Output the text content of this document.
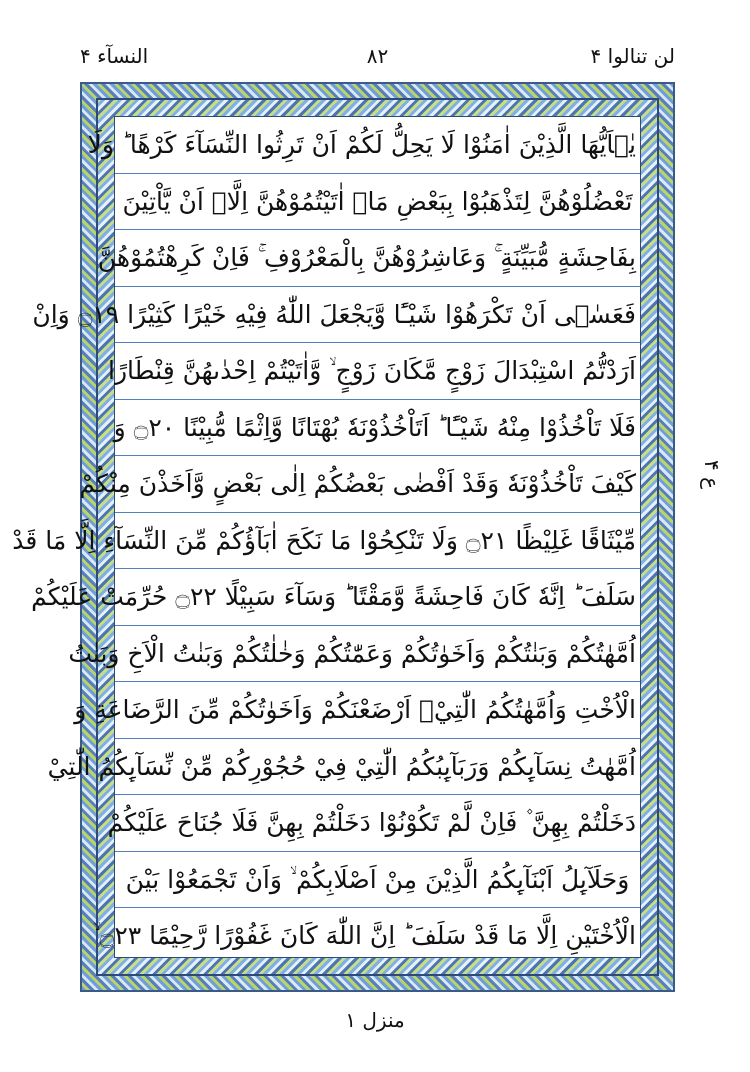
النسآء ۴	٨٢	لن تنالوا ۴
يٰۤاَيُّهَا الَّذِيْنَ اٰمَنُوْا لَا يَحِلُّ لَكُمْ اَنْ تَرِثُوا النِّسَآءَ كَرْهًا ؕ وَلَا
تَعْضُلُوْهُنَّ لِتَذْهَبُوْا بِبَعْضِ مَاۤ اٰتَيْتُمُوْهُنَّ اِلَّاۤ اَنْ يَّاْتِيْنَ
بِفَاحِشَةٍ مُّبَيِّنَةٍ ۚ وَعَاشِرُوْهُنَّ بِالْمَعْرُوْفِ ۚ فَاِنْ كَرِهْتُمُوْهُنَّ
فَعَسٰۤى اَنْ تَكْرَهُوْا شَيْـًٔا وَّيَجْعَلَ اللّٰهُ فِيْهِ خَيْرًا كَثِيْرًا ۝١٩ وَاِنْ
اَرَدْتُّمُ اسْتِبْدَالَ زَوْجٍ مَّكَانَ زَوْجٍ ۙ وَّاٰتَيْتُمْ اِحْدٰىهُنَّ قِنْطَارًا
فَلَا تَاْخُذُوْا مِنْهُ شَيْـًٔا ؕ اَتَاْخُذُوْنَهٗ بُهْتَانًا وَّاِثْمًا مُّبِيْنًا ۝٢٠ وَ
كَيْفَ تَاْخُذُوْنَهٗ وَقَدْ اَفْضٰى بَعْضُكُمْ اِلٰى بَعْضٍ وَّاَخَذْنَ مِنْكُمْ
مِّيْثَاقًا غَلِيْظًا ۝٢١ وَلَا تَنْكِحُوْا مَا نَكَحَ اٰبَآؤُكُمْ مِّنَ النِّسَآءِ اِلَّا مَا قَدْ
سَلَفَ ؕ اِنَّهٗ كَانَ فَاحِشَةً وَّمَقْتًا ؕ وَسَآءَ سَبِيْلًا ۝٢٢ حُرِّمَتْ عَلَيْكُمْ
اُمَّهٰتُكُمْ وَبَنٰتُكُمْ وَاَخَوٰتُكُمْ وَعَمّٰتُكُمْ وَخٰلٰتُكُمْ وَبَنٰتُ الْاَخِ وَبَنٰتُ
الْاُخْتِ وَاُمَّهٰتُكُمُ الّٰتِيْۤ اَرْضَعْنَكُمْ وَاَخَوٰتُكُمْ مِّنَ الرَّضَاعَةِ وَ
اُمَّهٰتُ نِسَآىِٕكُمْ وَرَبَآىِٕبُكُمُ الّٰتِيْ فِيْ حُجُوْرِكُمْ مِّنْ نِّسَآىِٕكُمُ الّٰتِيْ
دَخَلْتُمْ بِهِنَّ ۫ فَاِنْ لَّمْ تَكُوْنُوْا دَخَلْتُمْ بِهِنَّ فَلَا جُنَاحَ عَلَيْكُمْ
وَحَلَآىِٕلُ اَبْنَآىِٕكُمُ الَّذِيْنَ مِنْ اَصْلَابِكُمْ ۙ وَاَنْ تَجْمَعُوْا بَيْنَ
الْاُخْتَيْنِ اِلَّا مَا قَدْ سَلَفَ ؕ اِنَّ اللّٰهَ كَانَ غَفُوْرًا رَّحِيْمًا ۝٢٣ ۙ
ع ۴
منزل ۱
